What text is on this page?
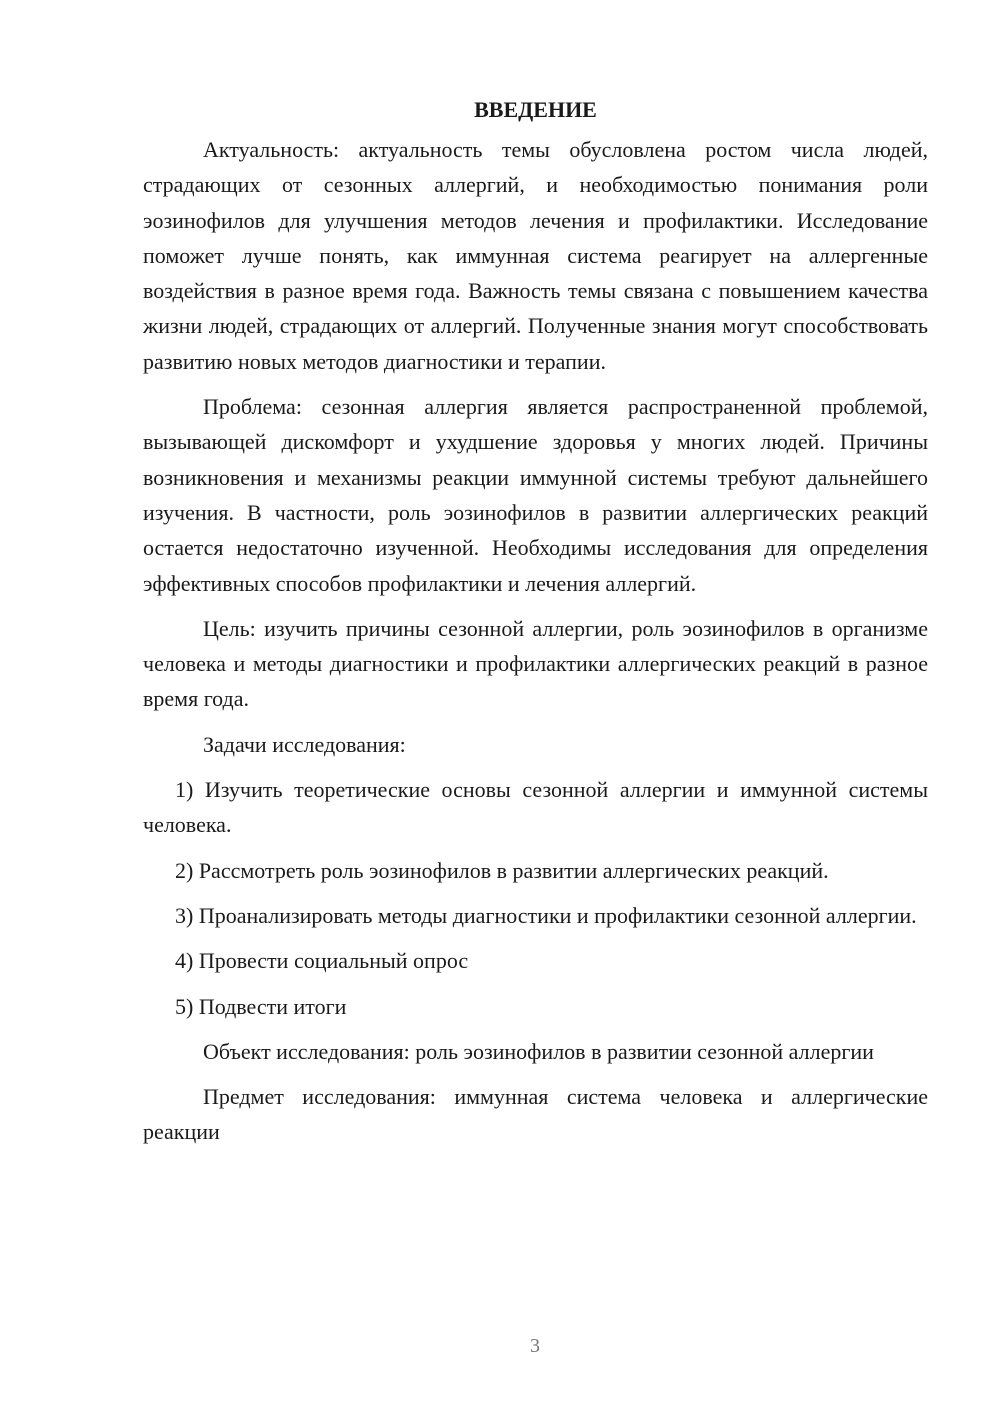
ВВЕДЕНИЕ

Актуальность: актуальность темы обусловлена ростом числа людей, страдающих от сезонных аллергий, и необходимостью понимания роли эозинофилов для улучшения методов лечения и профилактики. Исследование поможет лучше понять, как иммунная система реагирует на аллергенные воздействия в разное время года. Важность темы связана с повышением качества жизни людей, страдающих от аллергий. Полученные знания могут способствовать развитию новых методов диагностики и терапии.

Проблема: сезонная аллергия является распространенной проблемой, вызывающей дискомфорт и ухудшение здоровья у многих людей. Причины возникновения и механизмы реакции иммунной системы требуют дальнейшего изучения. В частности, роль эозинофилов в развитии аллергических реакций остается недостаточно изученной. Необходимы исследования для определения эффективных способов профилактики и лечения аллергий.

Цель: изучить причины сезонной аллергии, роль эозинофилов в организме человека и методы диагностики и профилактики аллергических реакций в разное время года.

Задачи исследования:

1) Изучить теоретические основы сезонной аллергии и иммунной системы человека.

2) Рассмотреть роль эозинофилов в развитии аллергических реакций.

3) Проанализировать методы диагностики и профилактики сезонной аллергии.

4) Провести социальный опрос

5) Подвести итоги

Объект исследования: роль эозинофилов в развитии сезонной аллергии

Предмет исследования: иммунная система человека и аллергические реакции

3
